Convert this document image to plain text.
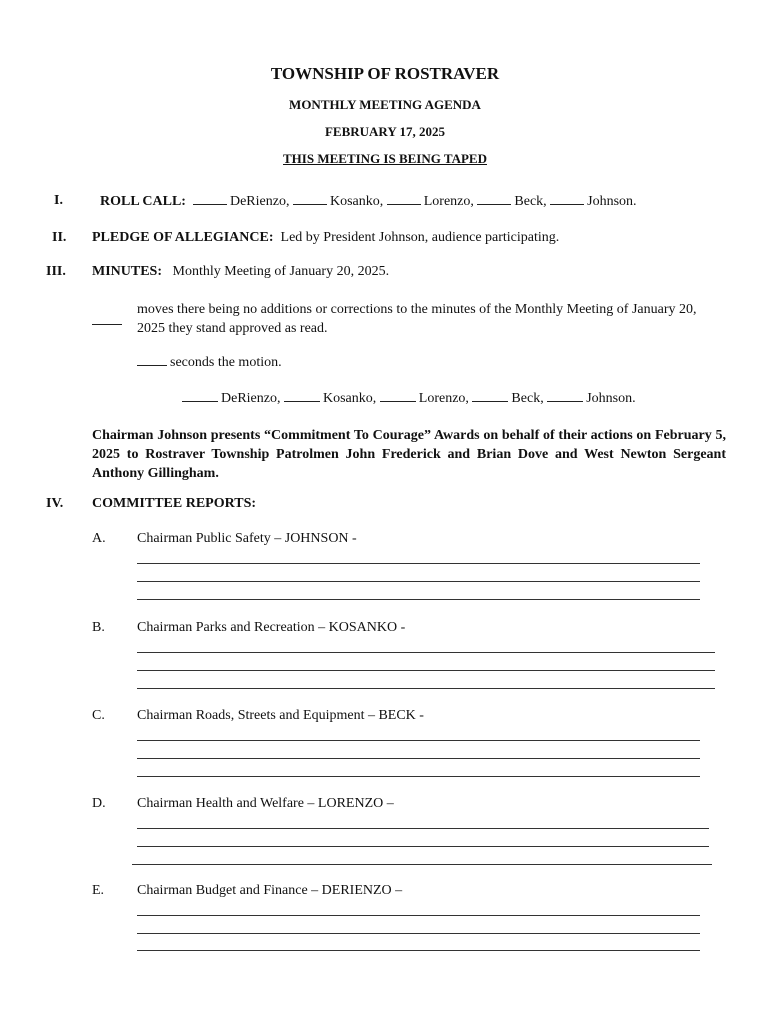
TOWNSHIP OF ROSTRAVER
MONTHLY MEETING AGENDA
FEBRUARY 17, 2025
THIS MEETING IS BEING TAPED
I.	ROLL CALL:	DeRienzo,	Kosanko,	Lorenzo,	Beck,	Johnson.
II. PLEDGE OF ALLEGIANCE: Led by President Johnson, audience participating.
III. MINUTES: Monthly Meeting of January 20, 2025.
moves there being no additions or corrections to the minutes of the Monthly Meeting of January 20,
2025 they stand approved as read.
seconds the motion.
DeRienzo,	Kosanko,	Lorenzo,	Beck,	Johnson.
Chairman Johnson presents “Commitment To Courage” Awards on behalf of their actions on February 5, 2025 to Rostraver Township Patrolmen John Frederick and Brian Dove and West Newton Sergeant Anthony Gillingham.
IV. COMMITTEE REPORTS:
A. Chairman Public Safety – JOHNSON -
B. Chairman Parks and Recreation – KOSANKO -
C. Chairman Roads, Streets and Equipment – BECK -
D. Chairman Health and Welfare – LORENZO –
E. Chairman Budget and Finance – DERIENZO –
